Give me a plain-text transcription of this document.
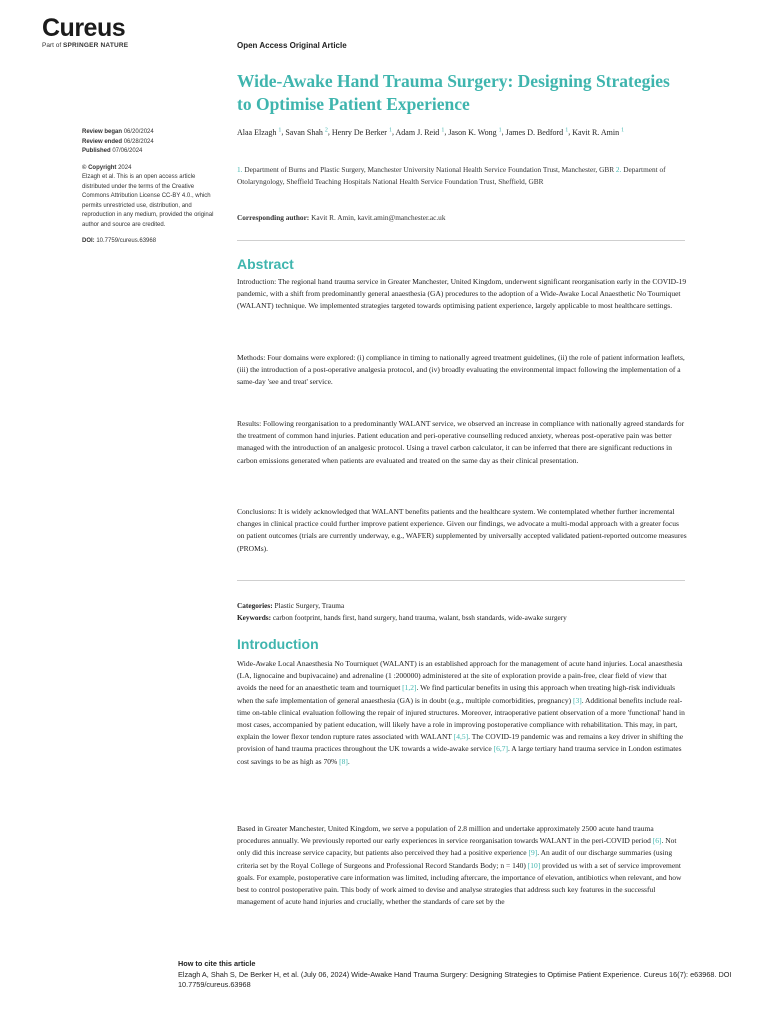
Cureus
Part of SPRINGER NATURE	Open Access Original Article
Wide-Awake Hand Trauma Surgery: Designing Strategies to Optimise Patient Experience
Review began 06/20/2024
Review ended 06/28/2024
Published 07/06/2024
© Copyright 2024
Elzagh et al. This is an open access article distributed under the terms of the Creative Commons Attribution License CC-BY 4.0., which permits unrestricted use, distribution, and reproduction in any medium, provided the original author and source are credited.
DOI: 10.7759/cureus.63968
Alaa Elzagh $^1$, Savan Shah $^2$, Henry De Berker $^1$, Adam J. Reid $^1$, Jason K. Wong $^1$, James D. Bedford $^1$, Kavit R. Amin $^1$
1. Department of Burns and Plastic Surgery, Manchester University National Health Service Foundation Trust, Manchester, GBR 2. Department of Otolaryngology, Sheffield Teaching Hospitals National Health Service Foundation Trust, Sheffield, GBR
Corresponding author: Kavit R. Amin, kavit.amin@manchester.ac.uk
Abstract

Introduction: The regional hand trauma service in Greater Manchester, United Kingdom, underwent significant reorganisation early in the COVID-19 pandemic, with a shift from predominantly general anaesthesia (GA) procedures to the adoption of a Wide-Awake Local Anaesthetic No Tourniquet (WALANT) technique. We implemented strategies targeted towards optimising patient experience, largely applicable to most healthcare settings.

Methods: Four domains were explored: (i) compliance in timing to nationally agreed treatment guidelines, (ii) the role of patient information leaflets, (iii) the introduction of a post-operative analgesia protocol, and (iv) broadly evaluating the environmental impact following the implementation of a same-day 'see and treat' service.

Results: Following reorganisation to a predominantly WALANT service, we observed an increase in compliance with nationally agreed standards for the treatment of common hand injuries. Patient education and peri-operative counselling reduced anxiety, whereas post-operative pain was better managed with the introduction of an analgesic protocol. Using a travel carbon calculator, it can be inferred that there are significant reductions in carbon emissions generated when patients are evaluated and treated on the same day as their clinical presentation.

Conclusions: It is widely acknowledged that WALANT benefits patients and the healthcare system. We contemplated whether further incremental changes in clinical practice could further improve patient experience. Given our findings, we advocate a multi-modal approach with a greater focus on patient outcomes (trials are currently underway, e.g., WAFER) supplemented by universally accepted validated patient-reported outcome measures (PROMs).

Categories: Plastic Surgery, Trauma
Keywords: carbon footprint, hands first, hand surgery, hand trauma, walant, bssh standards, wide-awake surgery
Introduction

Wide-Awake Local Anaesthesia No Tourniquet (WALANT) is an established approach for the management of acute hand injuries. Local anaesthesia (LA, lignocaine and bupivacaine) and adrenaline (1 :200000) administered at the site of exploration provide a pain-free, clear field of view that avoids the need for an anaesthetic team and tourniquet [1,2]. We find particular benefits in using this approach when treating high-risk individuals when the safe implementation of general anaesthesia (GA) is in doubt (e.g., multiple comorbidities, pregnancy) [3]. Additional benefits include real-time on-table clinical evaluation following the repair of injured structures. Moreover, intraoperative patient observation of a more 'functional' hand in most cases, accompanied by patient education, will likely have a role in improving postoperative compliance with rehabilitation. This may, in part, explain the lower flexor tendon rupture rates associated with WALANT [4,5]. The COVID-19 pandemic was and remains a key driver in shifting the provision of hand trauma practices throughout the UK towards a wide-awake service [6,7]. A large tertiary hand trauma service in London estimates cost savings to be as high as 70% [8].

Based in Greater Manchester, United Kingdom, we serve a population of 2.8 million and undertake approximately 2500 acute hand trauma procedures annually. We previously reported our early experiences in service reorganisation towards WALANT in the peri-COVID period [6]. Not only did this increase service capacity, but patients also perceived they had a positive experience [9]. An audit of our discharge summaries (using criteria set by the Royal College of Surgeons and Professional Record Standards Body; n = 140) [10] provided us with a set of service improvement goals. For example, postoperative care information was limited, including aftercare, the importance of elevation, antibiotics when relevant, and how best to control postoperative pain. This body of work aimed to devise and analyse strategies that address such key features in the successful management of acute hand injuries and crucially, whether the standards of care set by the

How to cite this article
Elzagh A, Shah S, De Berker H, et al. (July 06, 2024) Wide-Awake Hand Trauma Surgery: Designing Strategies to Optimise Patient Experience. Cureus 16(7): e63968. DOI 10.7759/cureus.63968
